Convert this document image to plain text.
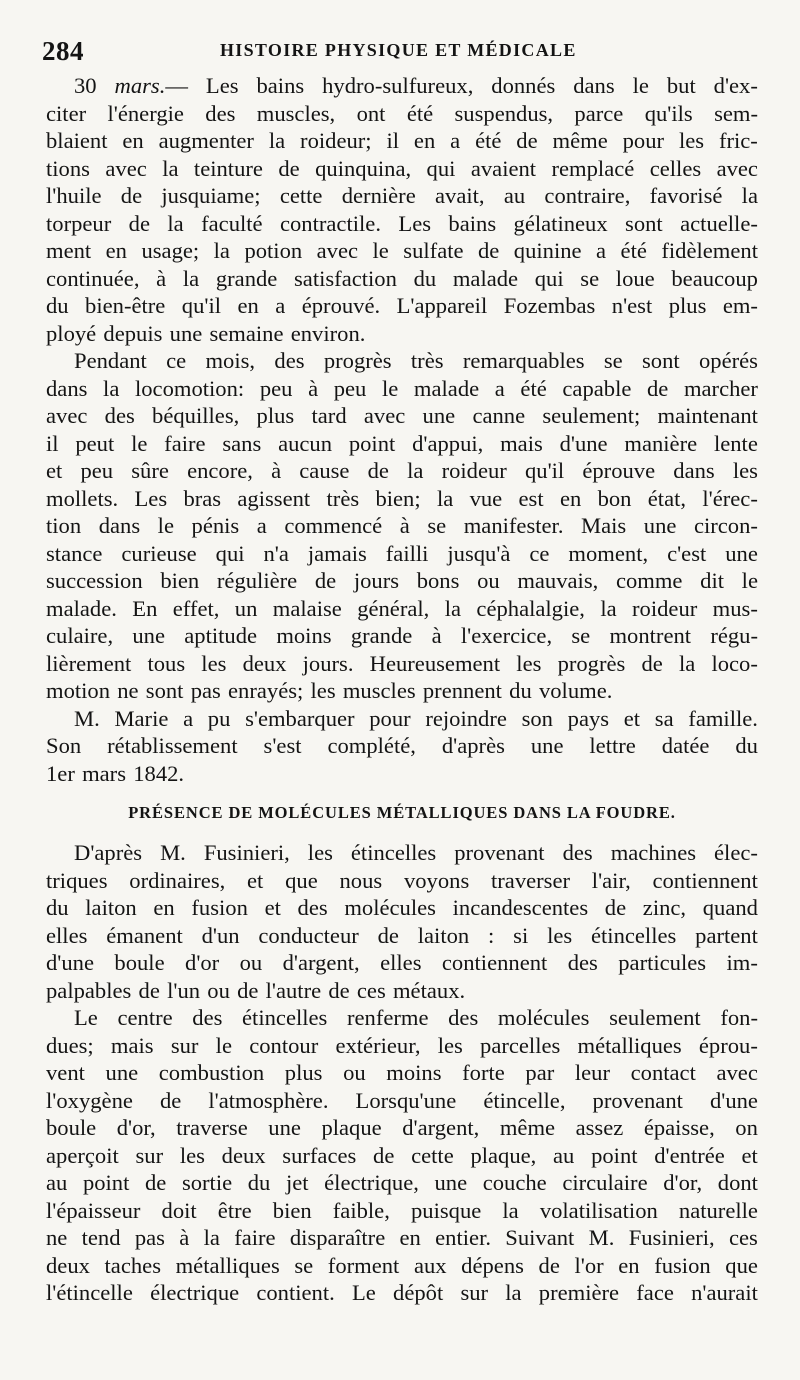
284	HISTOIRE PHYSIQUE ET MÉDICALE
30 mars.— Les bains hydro-sulfureux, donnés dans le but d'ex-
citer l'énergie des muscles, ont été suspendus, parce qu'ils sem-
blaient en augmenter la roideur; il en a été de même pour les fric-
tions avec la teinture de quinquina, qui avaient remplacé celles avec
l'huile de jusquiame; cette dernière avait, au contraire, favorisé la
torpeur de la faculté contractile. Les bains gélatineux sont actuelle-
ment en usage; la potion avec le sulfate de quinine a été fidèlement
continuée, à la grande satisfaction du malade qui se loue beaucoup
du bien-être qu'il en a éprouvé. L'appareil Fozembas n'est plus em-
ployé depuis une semaine environ.
Pendant ce mois, des progrès très remarquables se sont opérés
dans la locomotion: peu à peu le malade a été capable de marcher
avec des béquilles, plus tard avec une canne seulement; maintenant
il peut le faire sans aucun point d'appui, mais d'une manière lente
et peu sûre encore, à cause de la roideur qu'il éprouve dans les
mollets. Les bras agissent très bien; la vue est en bon état, l'érec-
tion dans le pénis a commencé à se manifester. Mais une circon-
stance curieuse qui n'a jamais failli jusqu'à ce moment, c'est une
succession bien régulière de jours bons ou mauvais, comme dit le
malade. En effet, un malaise général, la céphalalgie, la roideur mus-
culaire, une aptitude moins grande à l'exercice, se montrent régu-
lièrement tous les deux jours. Heureusement les progrès de la loco-
motion ne sont pas enrayés; les muscles prennent du volume.
M. Marie a pu s'embarquer pour rejoindre son pays et sa famille.
Son rétablissement s'est complété, d'après une lettre datée du
1er mars 1842.
PRÉSENCE DE MOLÉCULES MÉTALLIQUES DANS LA FOUDRE.
D'après M. Fusinieri, les étincelles provenant des machines élec-
triques ordinaires, et que nous voyons traverser l'air, contiennent
du laiton en fusion et des molécules incandescentes de zinc, quand
elles émanent d'un conducteur de laiton : si les étincelles partent
d'une boule d'or ou d'argent, elles contiennent des particules im-
palpables de l'un ou de l'autre de ces métaux.
Le centre des étincelles renferme des molécules seulement fon-
dues; mais sur le contour extérieur, les parcelles métalliques éprou-
vent une combustion plus ou moins forte par leur contact avec
l'oxygène de l'atmosphère. Lorsqu'une étincelle, provenant d'une
boule d'or, traverse une plaque d'argent, même assez épaisse, on
aperçoit sur les deux surfaces de cette plaque, au point d'entrée et
au point de sortie du jet électrique, une couche circulaire d'or, dont
l'épaisseur doit être bien faible, puisque la volatilisation naturelle
ne tend pas à la faire disparaître en entier. Suivant M. Fusinieri, ces
deux taches métalliques se forment aux dépens de l'or en fusion que
l'étincelle électrique contient. Le dépôt sur la première face n'aurait
